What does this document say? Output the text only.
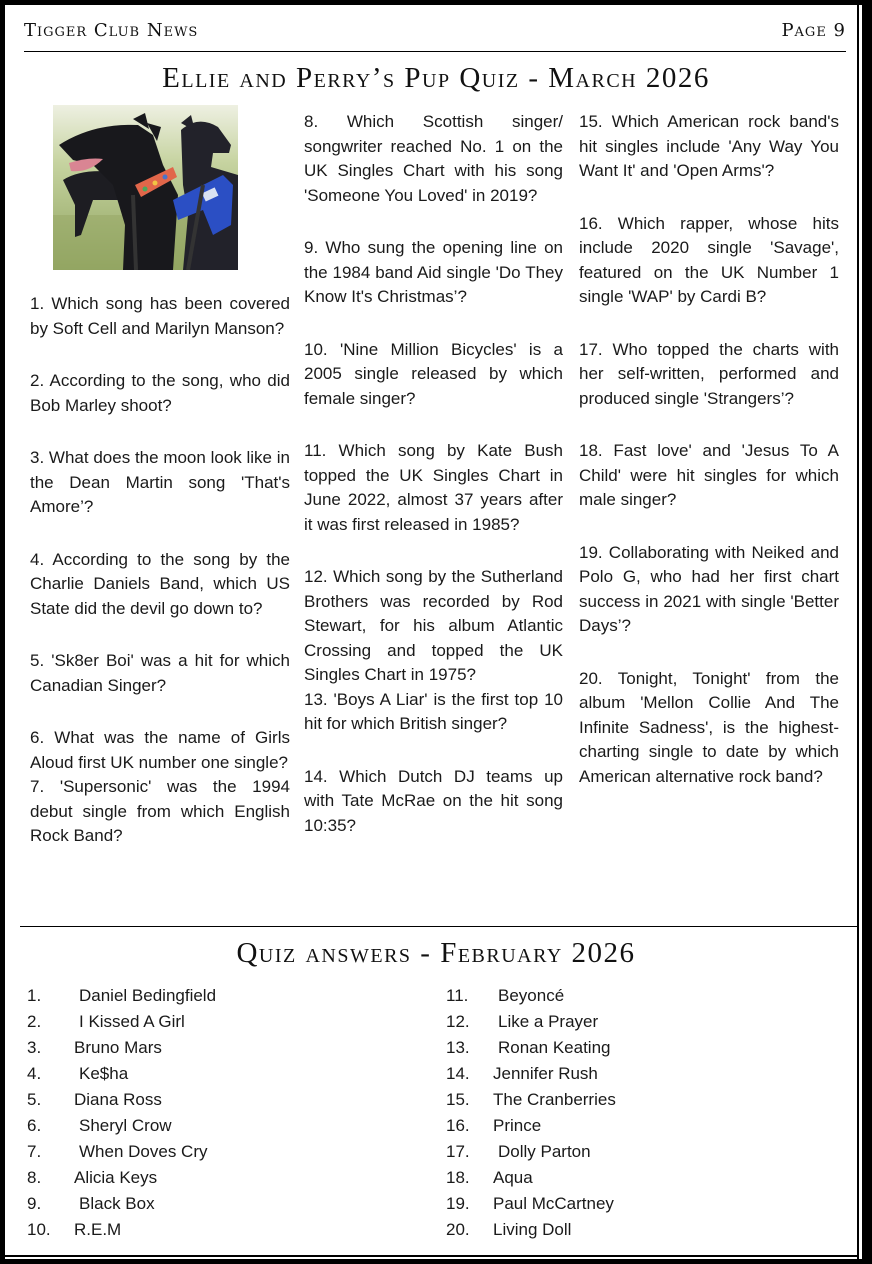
Tigger Club News	Page 9
Ellie and Perry’s Pup Quiz - March 2026

1. Which song has been covered by Soft Cell and Marilyn Manson?

2. According to the song, who did Bob Marley shoot?

3. What does the moon look like in the Dean Martin song 'That's Amore’?

4. According to the song by the Charlie Daniels Band, which US State did the devil go down to?

5. 'Sk8er Boi' was a hit for which Canadian Singer?

6. What was the name of Girls Aloud first UK number one single?

7. 'Supersonic' was the 1994 debut single from which English Rock Band?

8. Which Scottish singer/ songwriter reached No. 1 on the UK Singles Chart with his song 'Someone You Loved' in 2019?

9. Who sung the opening line on the 1984 band Aid single 'Do They Know It's Christmas’?

10. 'Nine Million Bicycles' is a 2005 single released by which female singer?

11. Which song by Kate Bush topped the UK Singles Chart in June 2022, almost 37 years after it was first released in 1985?

12. Which song by the Sutherland Brothers was recorded by Rod Stewart, for his album Atlantic Crossing and topped the UK Singles Chart in 1975?

13. 'Boys A Liar' is the first top 10 hit for which British singer?

14. Which Dutch DJ teams up with Tate McRae on the hit song 10:35?

15. Which American rock band's hit singles include 'Any Way You Want It' and 'Open Arms'?

16. Which rapper, whose hits include 2020 single 'Savage', featured on the UK Number 1 single 'WAP' by Cardi B?

17. Who topped the charts with her self-written, performed and produced single 'Strangers’?

18. Fast love' and 'Jesus To A Child' were hit singles for which male singer?

19. Collaborating with Neiked and Polo G, who had her first chart success in 2021 with single 'Better Days’?

20. Tonight, Tonight' from the album 'Mellon Collie And The Infinite Sadness', is the highest-charting single to date by which American alternative rock band?

Quiz answers - February 2026
1. Daniel Bedingfield
2. I Kissed A Girl
3. Bruno Mars
4. Ke$ha
5. Diana Ross
6. Sheryl Crow
7. When Doves Cry
8. Alicia Keys
9. Black Box
10. R.E.M
11. Beyoncé
12. Like a Prayer
13. Ronan Keating
14. Jennifer Rush
15. The Cranberries
16. Prince
17. Dolly Parton
18. Aqua
19. Paul McCartney
20. Living Doll
